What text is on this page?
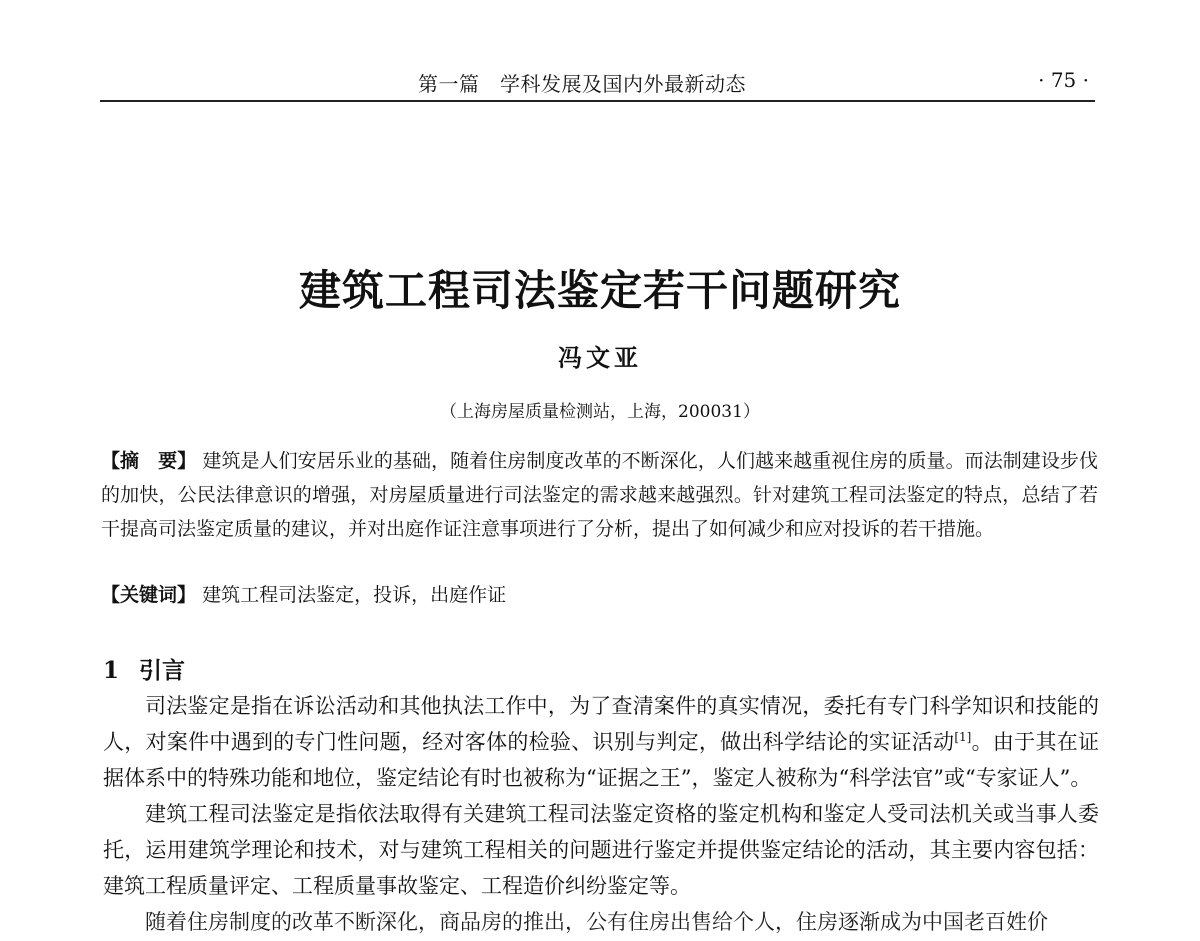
第一篇　学科发展及国内外最新动态	· 75 ·
建筑工程司法鉴定若干问题研究
冯文亚
（上海房屋质量检测站，上海，200031）
【摘　要】 建筑是人们安居乐业的基础，随着住房制度改革的不断深化，人们越来越重视住房的质量。而法制建设步伐的加快，公民法律意识的增强，对房屋质量进行司法鉴定的需求越来越强烈。针对建筑工程司法鉴定的特点，总结了若干提高司法鉴定质量的建议，并对出庭作证注意事项进行了分析，提出了如何减少和应对投诉的若干措施。
【关键词】 建筑工程司法鉴定，投诉，出庭作证
1 引言

司法鉴定是指在诉讼活动和其他执法工作中，为了查清案件的真实情况，委托有专门科学知识和技能的人，对案件中遇到的专门性问题，经对客体的检验、识别与判定，做出科学结论的实证活动[1]。由于其在证据体系中的特殊功能和地位，鉴定结论有时也被称为“证据之王”，鉴定人被称为“科学法官”或“专家证人”。

建筑工程司法鉴定是指依法取得有关建筑工程司法鉴定资格的鉴定机构和鉴定人受司法机关或当事人委托，运用建筑学理论和技术，对与建筑工程相关的问题进行鉴定并提供鉴定结论的活动，其主要内容包括：建筑工程质量评定、工程质量事故鉴定、工程造价纠纷鉴定等。

随着住房制度的改革不断深化，商品房的推出，公有住房出售给个人，住房逐渐成为中国老百姓价
